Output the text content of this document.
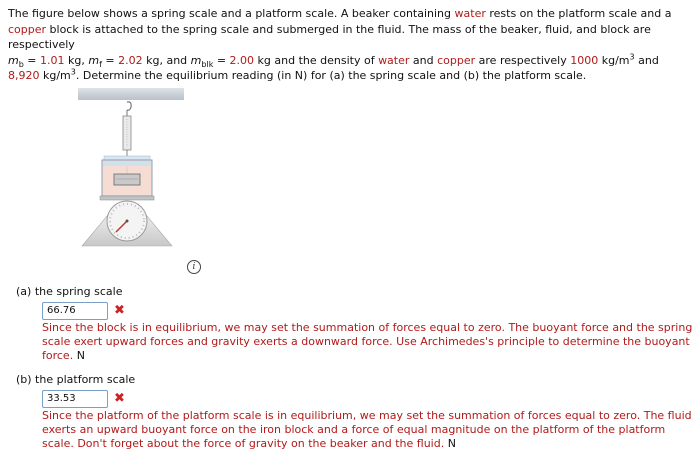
The figure below shows a spring scale and a platform scale. A beaker containing water rests on the platform scale and a copper block is attached to the spring scale and submerged in the fluid. The mass of the beaker, fluid, and block are respectively
$m_b = 1.01$ kg, $m_f = 2.02$ kg, and $m_{blk} = 2.00$ kg and the density of water and copper are respectively 1000 $kg/m^3$ and
8,920 $kg/m^3$. Determine the equilibrium reading (in N) for (a) the spring scale and (b) the platform scale.
i
(a) the spring scale
66.76	✖
Since the block is in equilibrium, we may set the summation of forces equal to zero. The buoyant force and the spring scale exert upward forces and gravity exerts a downward force. Use Archimedes's principle to determine the buoyant force. N
(b) the platform scale
33.53	✖
Since the platform of the platform scale is in equilibrium, we may set the summation of forces equal to zero. The fluid exerts an upward buoyant force on the iron block and a force of equal magnitude on the platform of the platform scale. Don't forget about the force of gravity on the beaker and the fluid. N
